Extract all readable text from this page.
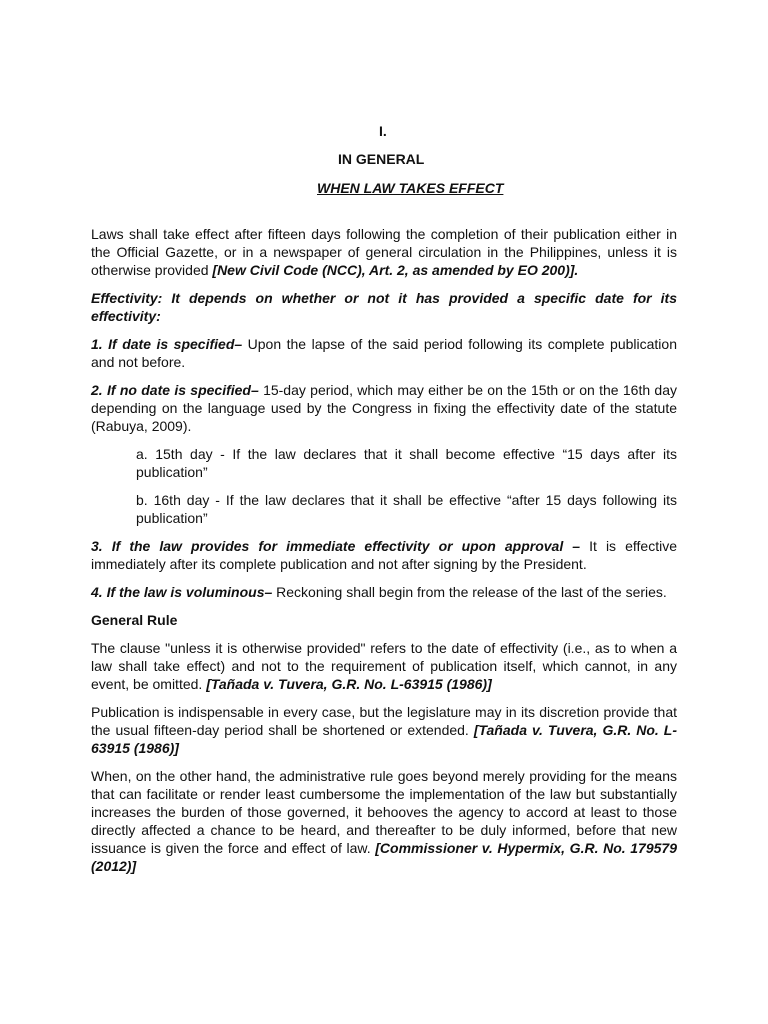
I.
IN GENERAL
WHEN LAW TAKES EFFECT

Laws shall take effect after fifteen days following the completion of their publication either in the Official Gazette, or in a newspaper of general circulation in the Philippines, unless it is otherwise provided [New Civil Code (NCC), Art. 2, as amended by EO 200)].

Effectivity: It depends on whether or not it has provided a specific date for its effectivity:

1. If date is specified– Upon the lapse of the said period following its complete publication and not before.

2. If no date is specified– 15-day period, which may either be on the 15th or on the 16th day depending on the language used by the Congress in fixing the effectivity date of the statute (Rabuya, 2009).

a. 15th day - If the law declares that it shall become effective “15 days after its publication”

b. 16th day - If the law declares that it shall be effective “after 15 days following its publication”

3. If the law provides for immediate effectivity or upon approval – It is effective immediately after its complete publication and not after signing by the President.

4. If the law is voluminous– Reckoning shall begin from the release of the last of the series.

General Rule

The clause "unless it is otherwise provided" refers to the date of effectivity (i.e., as to when a law shall take effect) and not to the requirement of publication itself, which cannot, in any event, be omitted. [Tañada v. Tuvera, G.R. No. L-63915 (1986)]

Publication is indispensable in every case, but the legislature may in its discretion provide that the usual fifteen-day period shall be shortened or extended. [Tañada v. Tuvera, G.R. No. L-63915 (1986)]

When, on the other hand, the administrative rule goes beyond merely providing for the means that can facilitate or render least cumbersome the implementation of the law but substantially increases the burden of those governed, it behooves the agency to accord at least to those directly affected a chance to be heard, and thereafter to be duly informed, before that new issuance is given the force and effect of law. [Commissioner v. Hypermix, G.R. No. 179579 (2012)]
